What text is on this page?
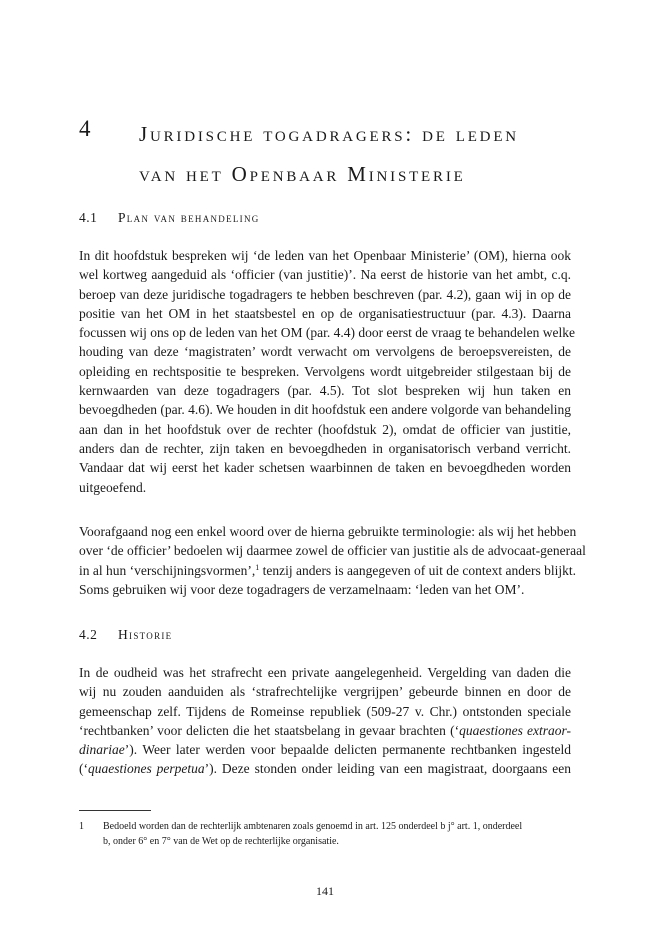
4 Juridische togadragers: de leden
van het Openbaar Ministerie
4.1 Plan van behandeling

In dit hoofdstuk bespreken wij ‘de leden van het Openbaar Ministerie’ (OM), hierna ook
wel kortweg aangeduid als ‘officier (van justitie)’. Na eerst de historie van het ambt, c.q.
beroep van deze juridische togadragers te hebben beschreven (par. 4.2), gaan wij in op de
positie van het OM in het staatsbestel en op de organisatiestructuur (par. 4.3). Daarna
focussen wij ons op de leden van het OM (par. 4.4) door eerst de vraag te behandelen welke
houding van deze ‘magistraten’ wordt verwacht om vervolgens de beroepsvereisten, de
opleiding en rechtspositie te bespreken. Vervolgens wordt uitgebreider stilgestaan bij de
kernwaarden van deze togadragers (par. 4.5). Tot slot bespreken wij hun taken en
bevoegdheden (par. 4.6). We houden in dit hoofdstuk een andere volgorde van behandeling
aan dan in het hoofdstuk over de rechter (hoofdstuk 2), omdat de officier van justitie,
anders dan de rechter, zijn taken en bevoegdheden in organisatorisch verband verricht.
Vandaar dat wij eerst het kader schetsen waarbinnen de taken en bevoegdheden worden
uitgeoefend.

Voorafgaand nog een enkel woord over de hierna gebruikte terminologie: als wij het hebben
over ‘de officier’ bedoelen wij daarmee zowel de officier van justitie als de advocaat-generaal
in al hun ‘verschijningsvormen’,$^1$ tenzij anders is aangegeven of uit de context anders blijkt.
Soms gebruiken wij voor deze togadragers de verzamelnaam: ‘leden van het OM’.

4.2 Historie

In de oudheid was het strafrecht een private aangelegenheid. Vergelding van daden die
wij nu zouden aanduiden als ‘strafrechtelijke vergrijpen’ gebeurde binnen en door de
gemeenschap zelf. Tijdens de Romeinse republiek (509-27 v. Chr.) ontstonden speciale
‘rechtbanken’ voor delicten die het staatsbelang in gevaar brachten (‘quaestiones extraor-
dinariae’). Weer later werden voor bepaalde delicten permanente rechtbanken ingesteld
(‘quaestiones perpetua’). Deze stonden onder leiding van een magistraat, doorgaans een

1 Bedoeld worden dan de rechterlijk ambtenaren zoals genoemd in art. 125 onderdeel b j° art. 1, onderdeel
b, onder 6° en 7° van de Wet op de rechterlijke organisatie.
141
